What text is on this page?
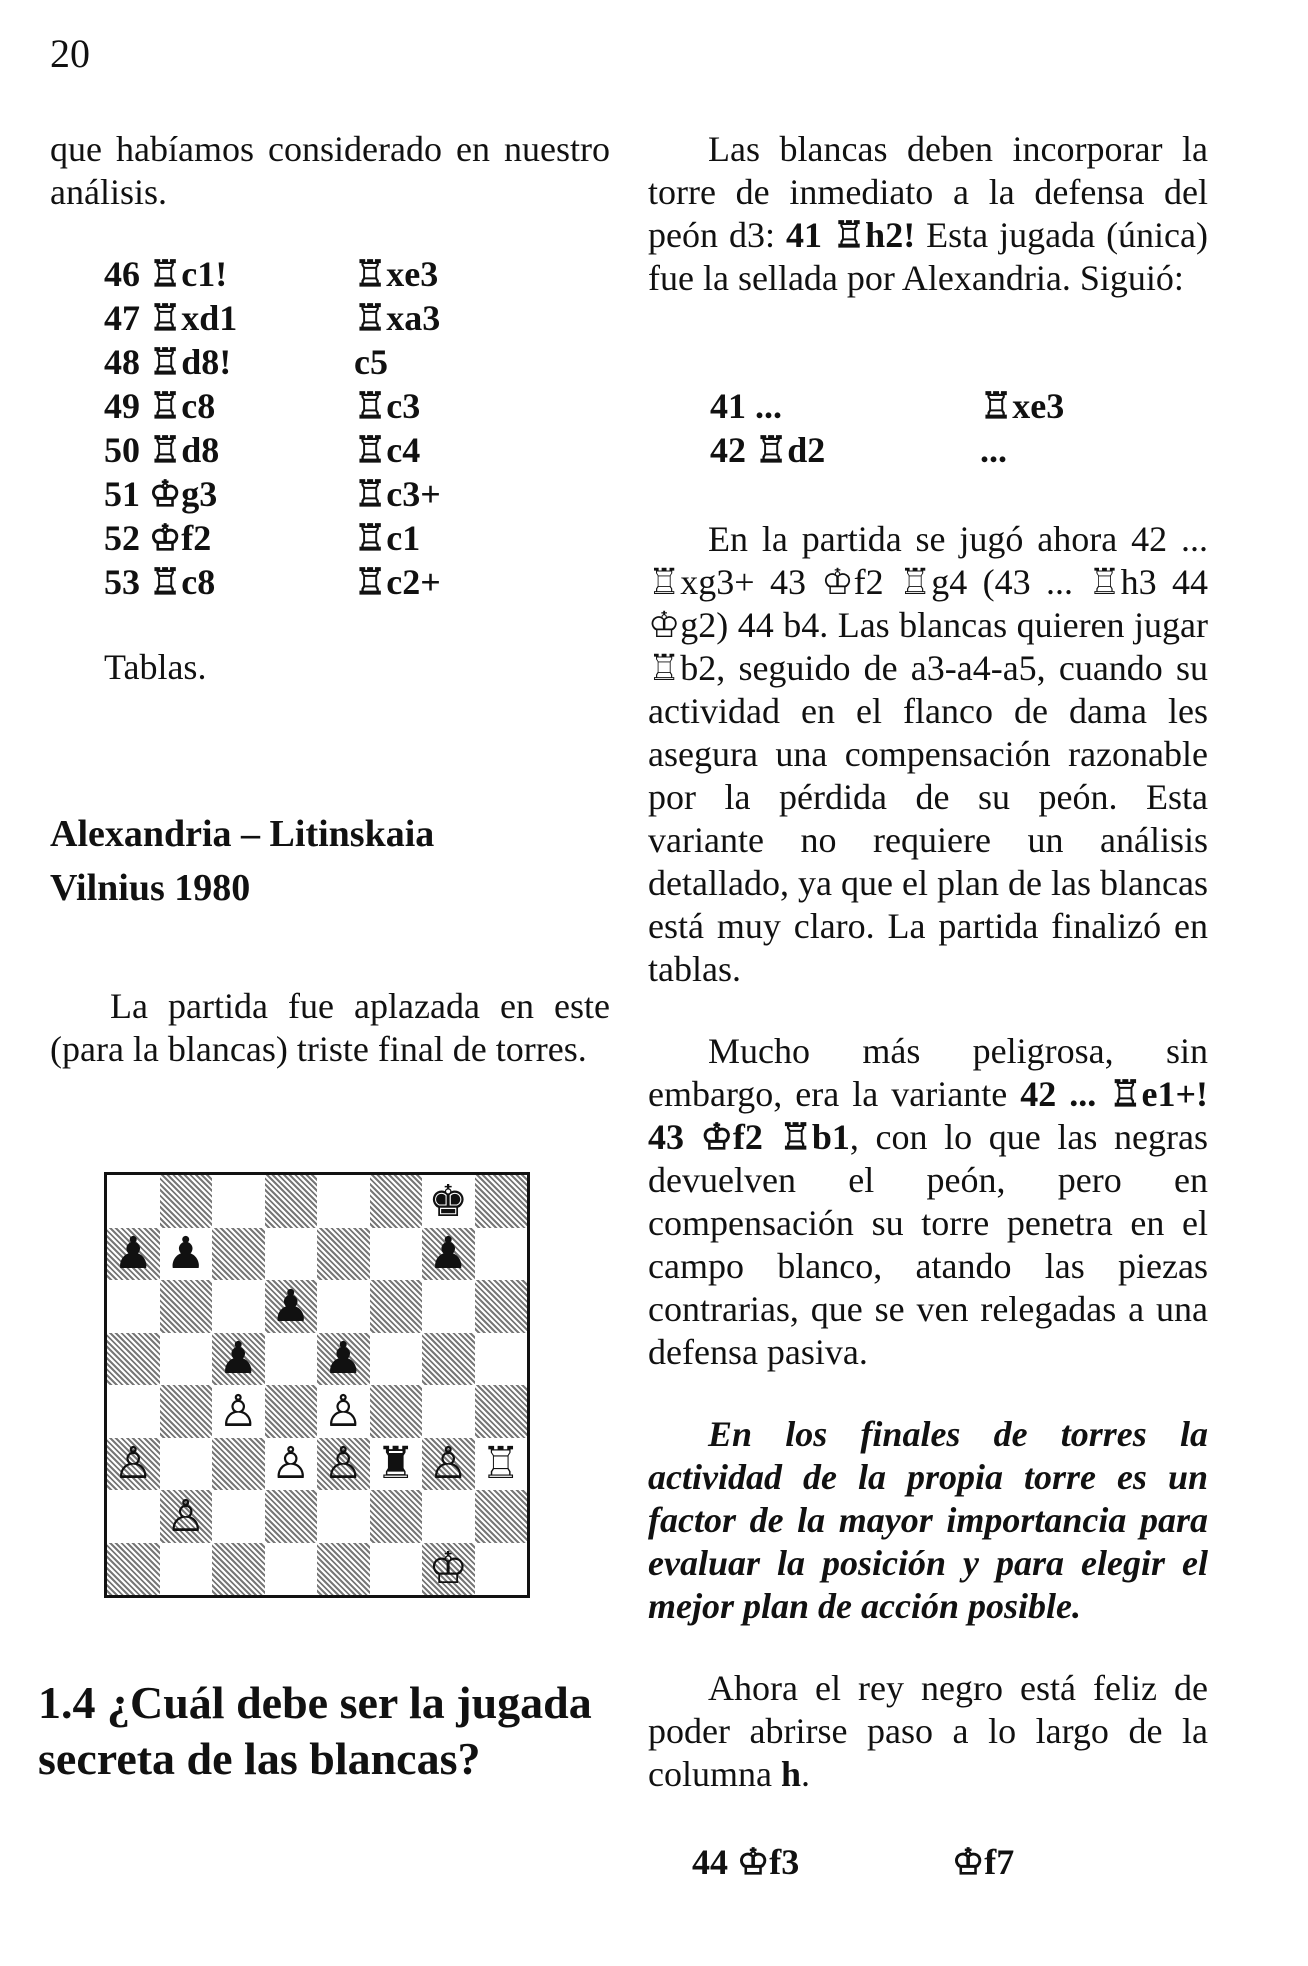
20
que habíamos considerado en nuestro análisis.
46 ♖c1!	♖xe3
47 ♖xd1	♖xa3
48 ♖d8!	c5
49 ♖c8	♖c3
50 ♖d8	♖c4
51 ♔g3	♖c3+
52 ♔f2	♖c1
53 ♖c8	♖c2+
Tablas.
Alexandria – Litinskaia
Vilnius 1980
La partida fue aplazada en este (para la blancas) triste final de torres.
♚
♟ ♟	♟
♟
♟ ♟
♙ ♙
♙	♙ ♙ ♜ ♙ ♖
♙
♔
1.4 ¿Cuál debe ser la jugada secreta de las blancas?
Las blancas deben incorporar la torre de inmediato a la defensa del peón d3: 41 ♖h2! Esta jugada (única) fue la sellada por Alexandria. Siguió:
41 ...	♖xe3
42 ♖d2	...
En la partida se jugó ahora 42 ... ♖xg3+ 43 ♔f2 ♖g4 (43 ... ♖h3 44 ♔g2) 44 b4. Las blancas quieren jugar ♖b2, seguido de a3-a4-a5, cuando su actividad en el flanco de dama les asegura una compensación razonable por la pérdida de su peón. Esta variante no requiere un análisis detallado, ya que el plan de las blancas está muy claro. La partida finalizó en tablas.
Mucho más peligrosa, sin embargo, era la variante 42 ... ♖e1+! 43 ♔f2 ♖b1, con lo que las negras devuelven el peón, pero en compensación su torre penetra en el campo blanco, atando las piezas contrarias, que se ven relegadas a una defensa pasiva.
En los finales de torres la actividad de la propia torre es un factor de la mayor importancia para evaluar la posición y para elegir el mejor plan de acción posible.
Ahora el rey negro está feliz de poder abrirse paso a lo largo de la columna h.
44 ♔f3	♔f7
